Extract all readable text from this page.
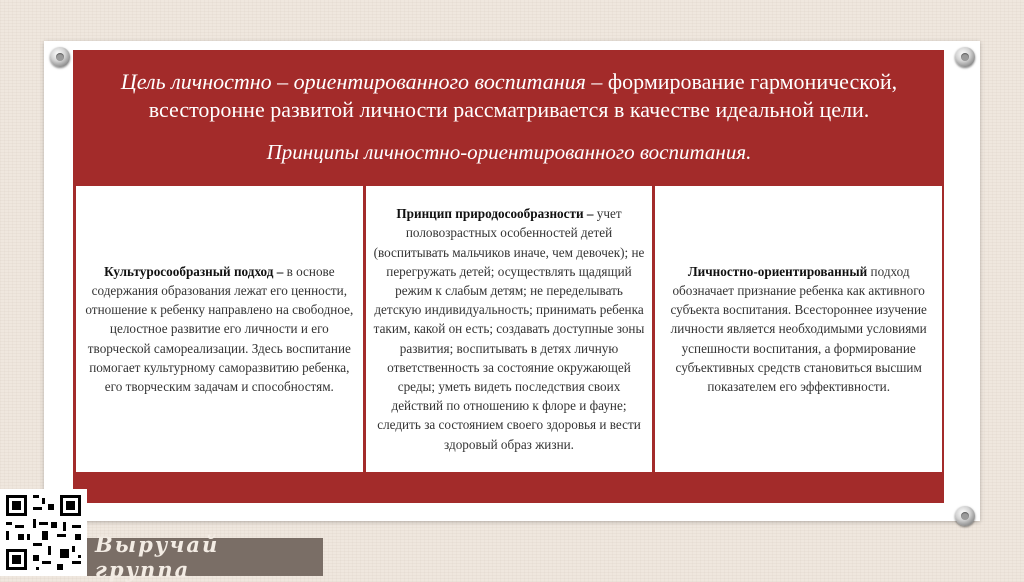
Цель личностно – ориентированного воспитания – формирование гармонической,
всесторонне развитой личности рассматривается в качестве идеальной цели.
Принципы личностно-ориентированного воспитания.
Культуросообразный подход – в основе содержания образования лежат его ценности, отношение к ребенку направлено на свободное, целостное развитие его личности и его творческой самореализации. Здесь воспитание помогает культурному саморазвитию ребенка, его творческим задачам и способностям.
Принцип природосообразности – учет половозрастных особенностей детей (воспитывать мальчиков иначе, чем девочек); не перегружать детей; осуществлять щадящий режим к слабым детям; не переделывать детскую индивидуальность; принимать ребенка таким, какой он есть; создавать доступные зоны развития; воспитывать в детях личную ответственность за состояние окружающей среды; уметь видеть последствия своих действий по отношению к флоре и фауне; следить за состоянием своего здоровья и вести здоровый образ жизни.
Личностно-ориентированный подход обозначает признание ребенка как активного субъекта воспитания. Всестороннее изучение личности является необходимыми условиями успешности воспитания, а формирование субъективных средств становиться высшим показателем его эффективности.
Выручай группа
